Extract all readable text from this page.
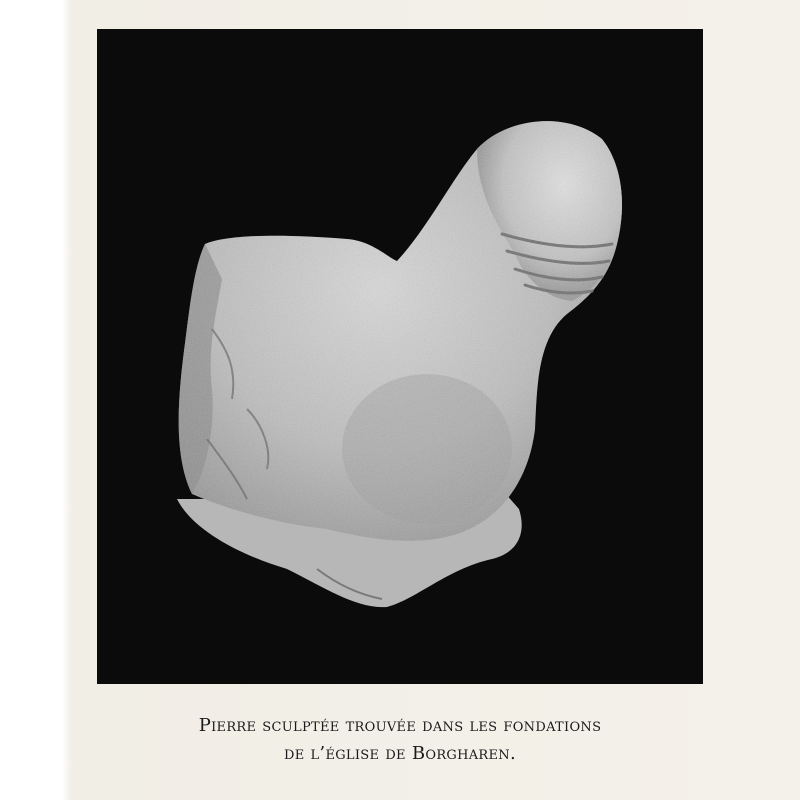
Pierre sculptée trouvée dans les fondations
de l’église de Borgharen.
